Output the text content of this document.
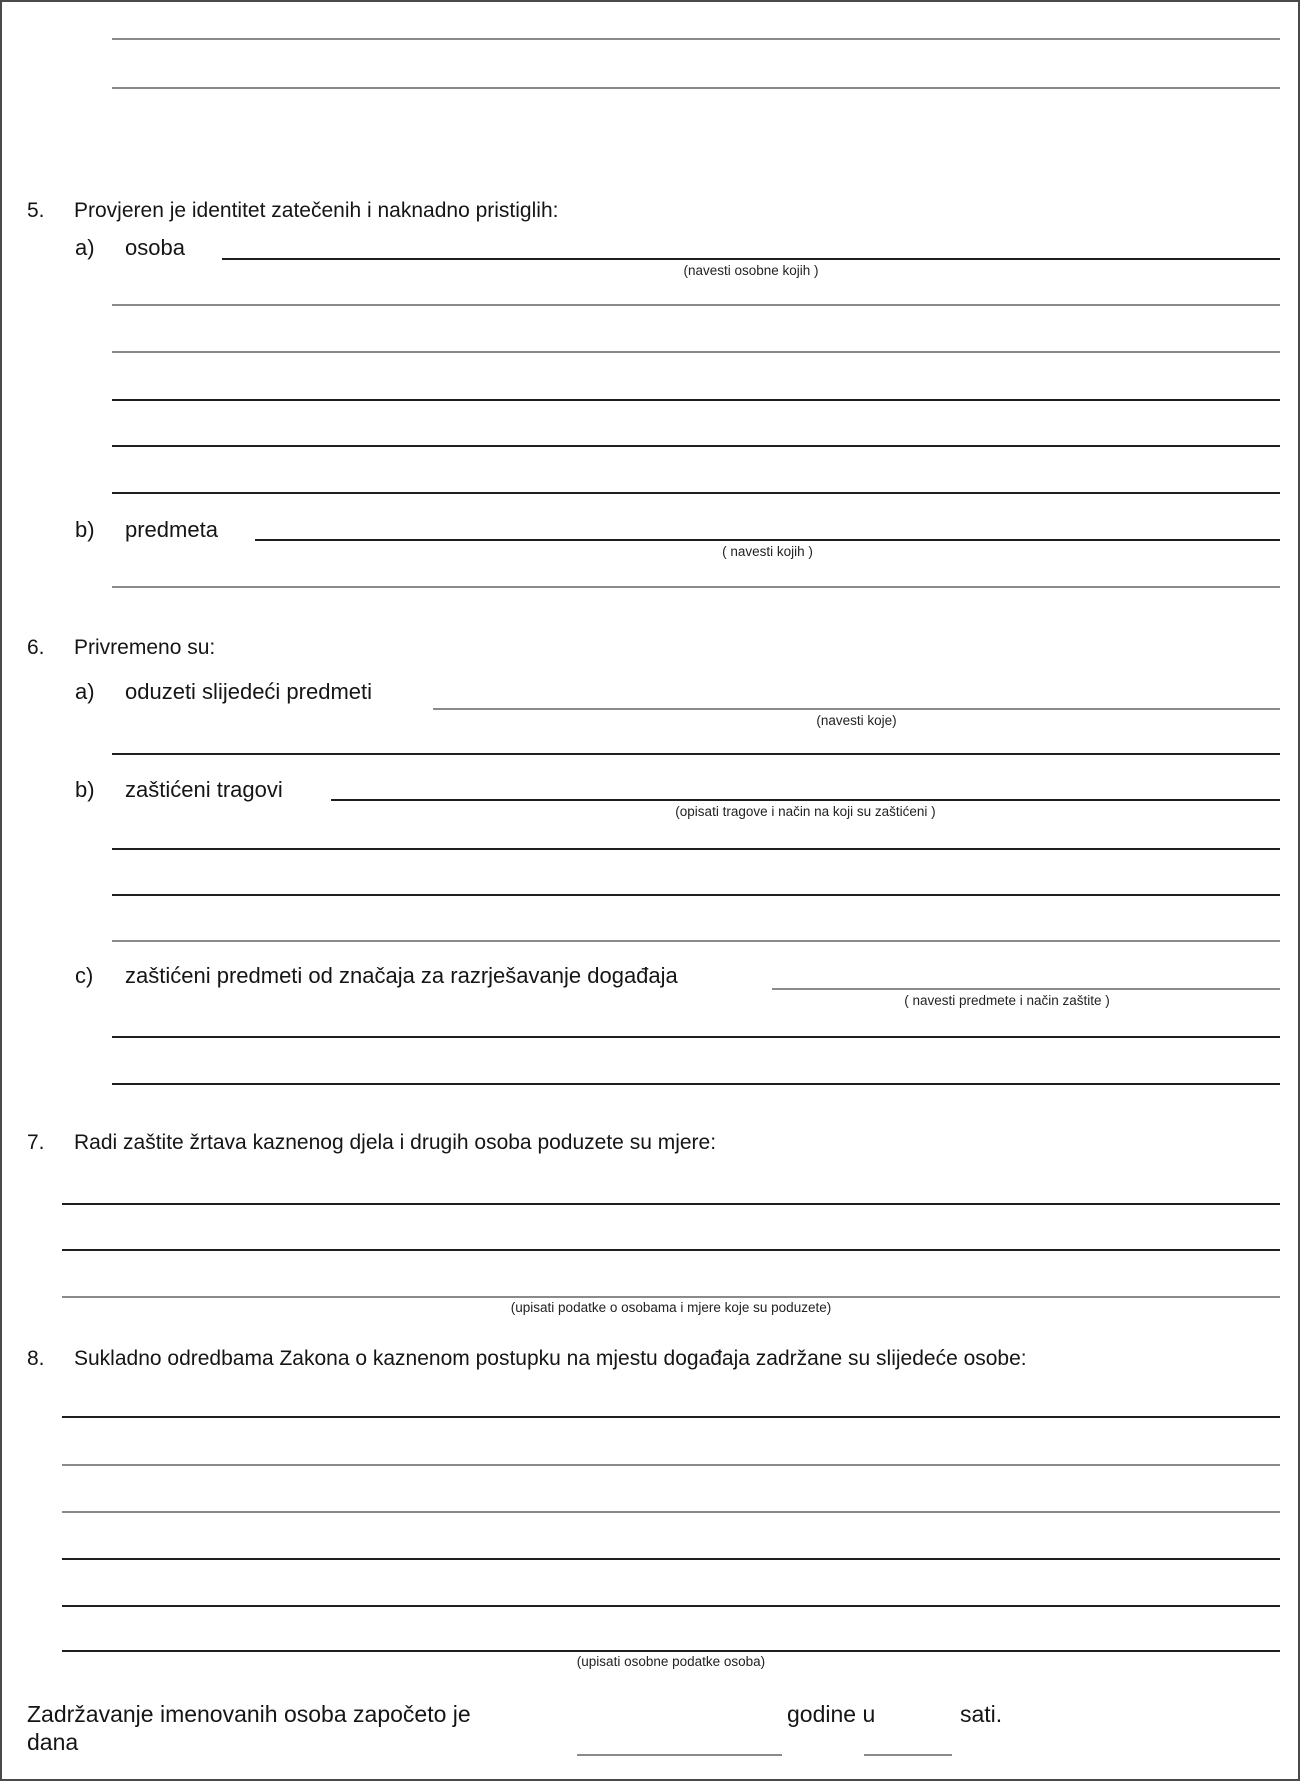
5. Provjeren je identitet zatečenih i naknadno pristiglih:
a) osoba
(navesti osobne kojih )
b) predmeta
( navesti kojih )
6. Privremeno su:
a) oduzeti slijedeći predmeti
(navesti koje)
b) zaštićeni tragovi
(opisati tragove i način na koji su zaštićeni )
c) zaštićeni predmeti od značaja za razrješavanje događaja
( navesti predmete i način zaštite )
7. Radi zaštite žrtava kaznenog djela i drugih osoba poduzete su mjere:
(upisati podatke o osobama i mjere koje su poduzete)
8. Sukladno odredbama Zakona o kaznenom postupku na mjestu događaja zadržane su slijedeće osobe:
(upisati osobne podatke osoba)
Zadržavanje imenovanih osoba započeto je	godine u	sati.
dana
